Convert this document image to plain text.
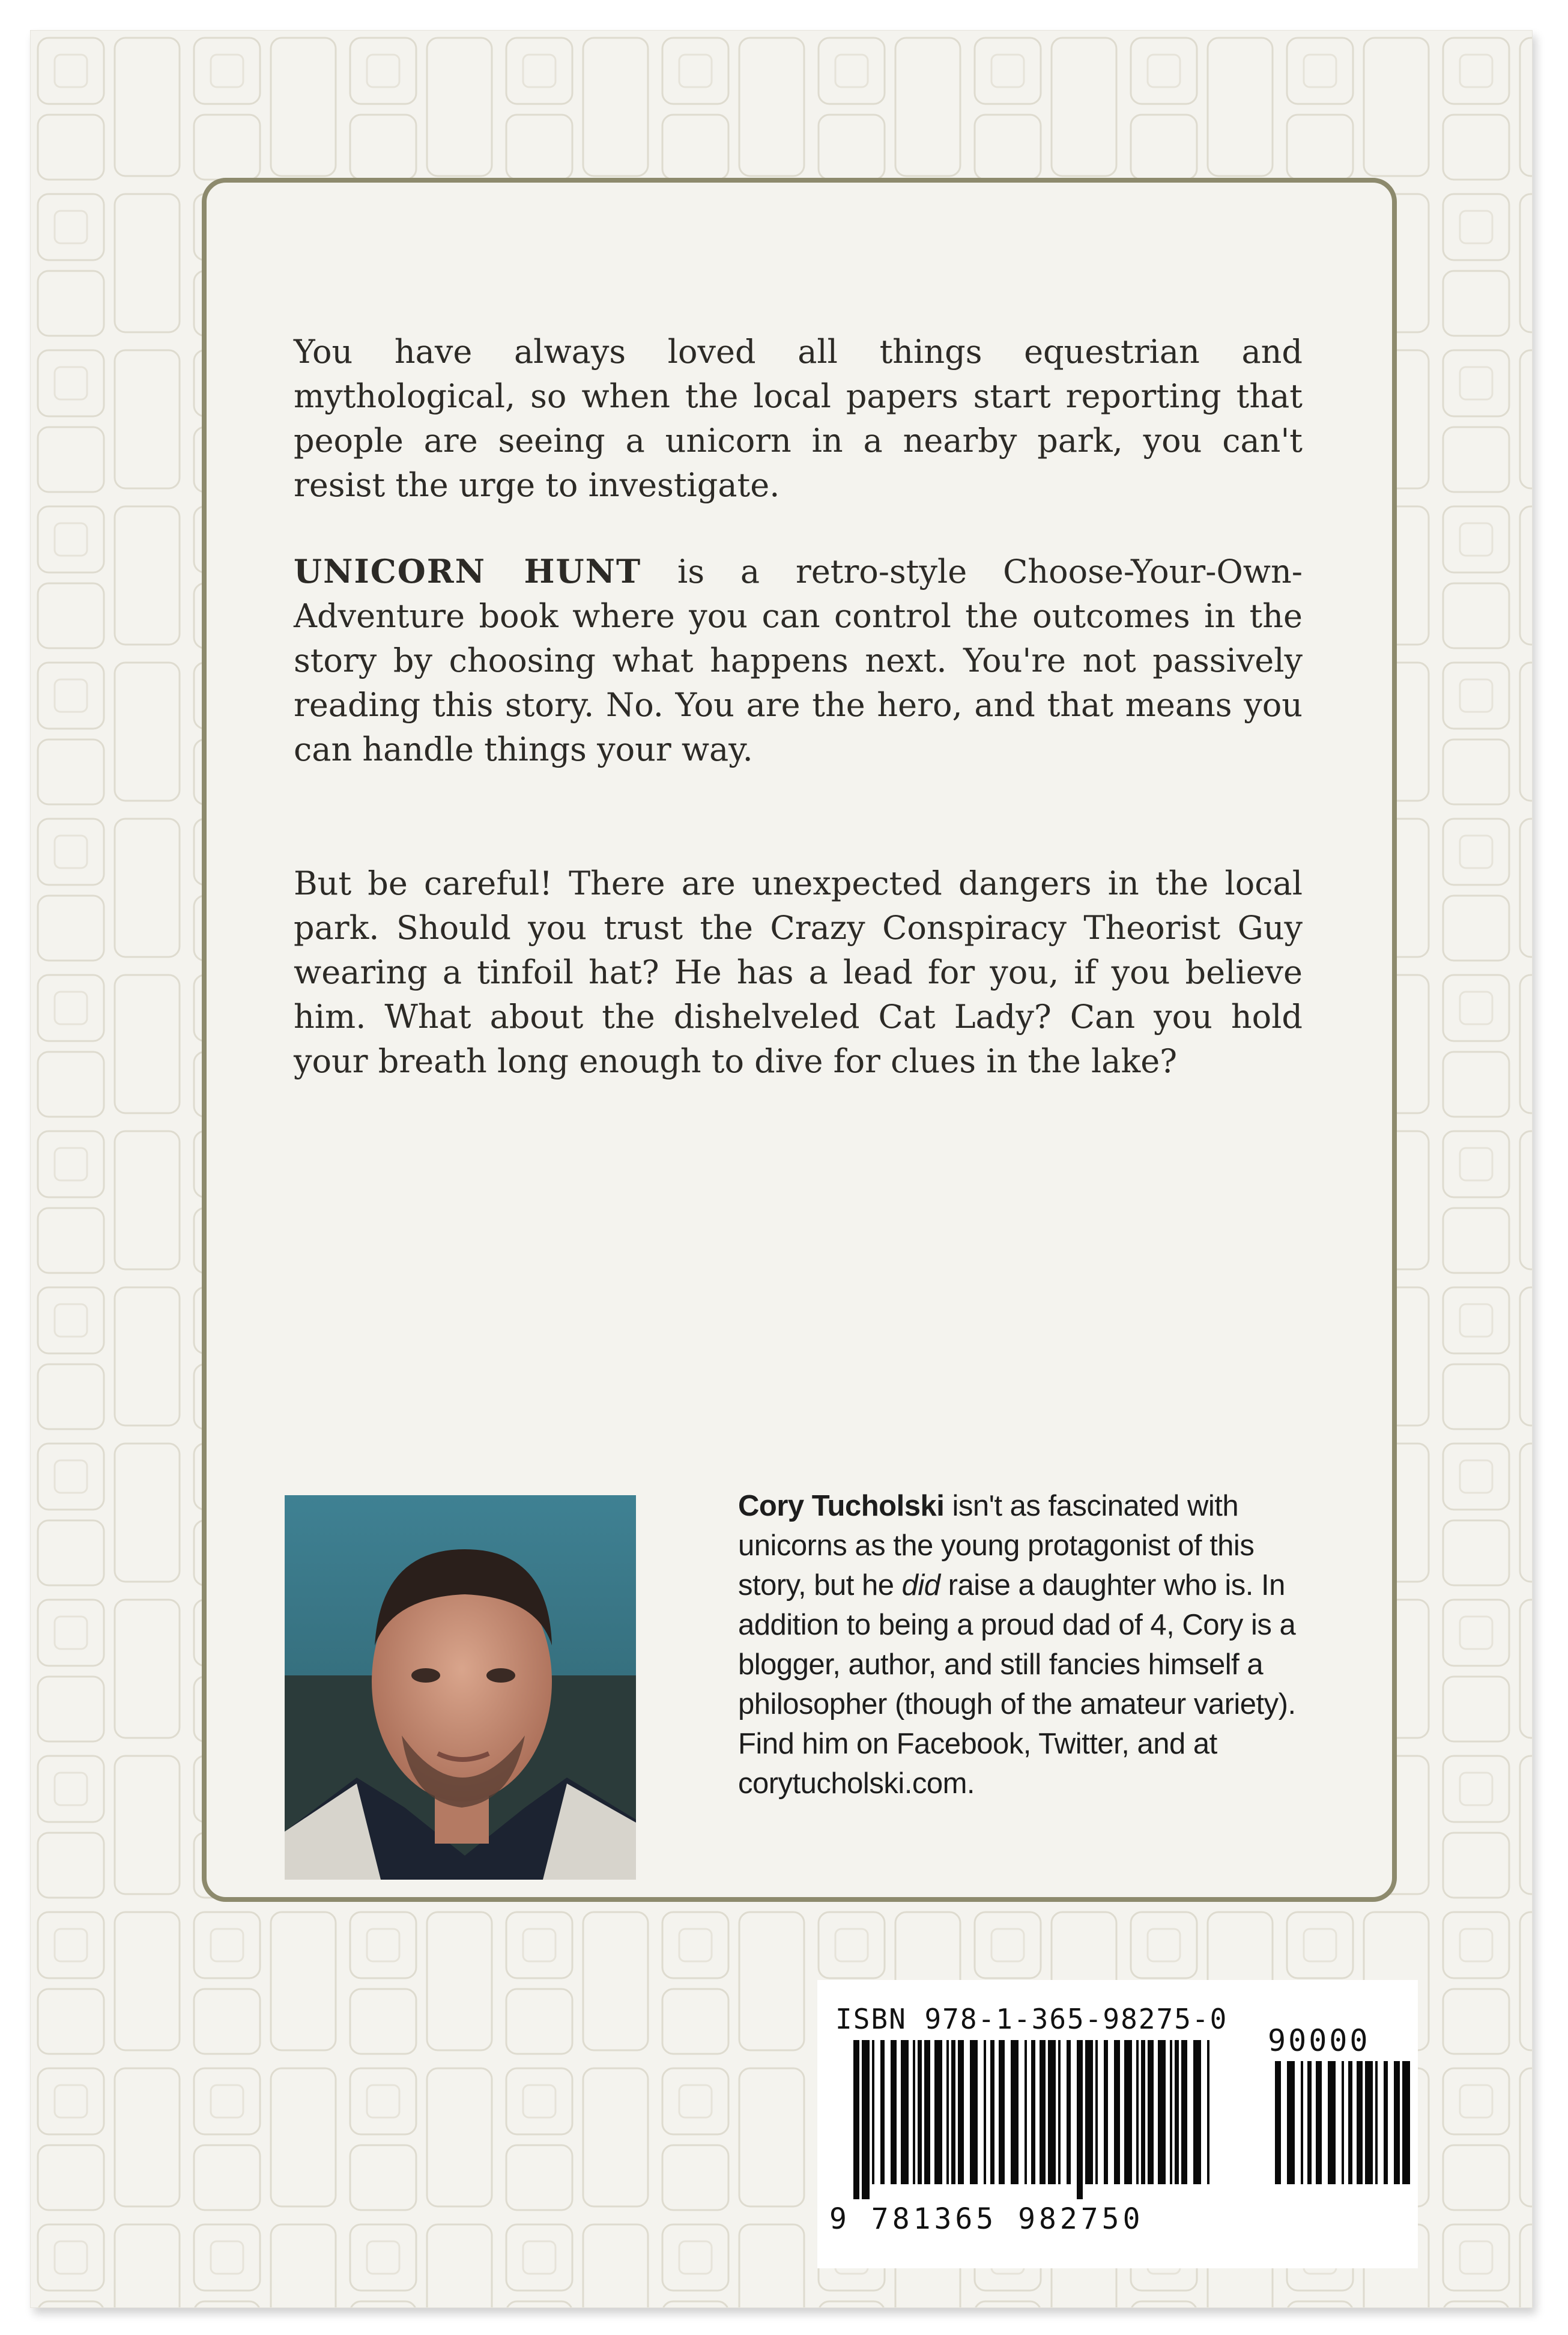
You have always loved all things equestrian and mythological, so when the local papers start reporting that people are seeing a unicorn in a nearby park, you can't resist the urge to investigate.

UNICORN HUNT is a retro-style Choose-Your-Own-Adventure book where you can control the outcomes in the story by choosing what happens next. You're not passively reading this story. No. You are the hero, and that means you can handle things your way.

But be careful! There are unexpected dangers in the local park. Should you trust the Crazy Conspiracy Theorist Guy wearing a tinfoil hat? He has a lead for you, if you believe him. What about the dishelveled Cat Lady? Can you hold your breath long enough to dive for clues in the lake?

Cory Tucholski isn't as fascinated with unicorns as the young protagonist of this story, but he did raise a daughter who is. In addition to being a proud dad of 4, Cory is a blogger, author, and still fancies himself a philosopher (though of the amateur variety). Find him on Facebook, Twitter, and at corytucholski.com.

ISBN 978-1-365-98275-0
90000
9 781365 982750
